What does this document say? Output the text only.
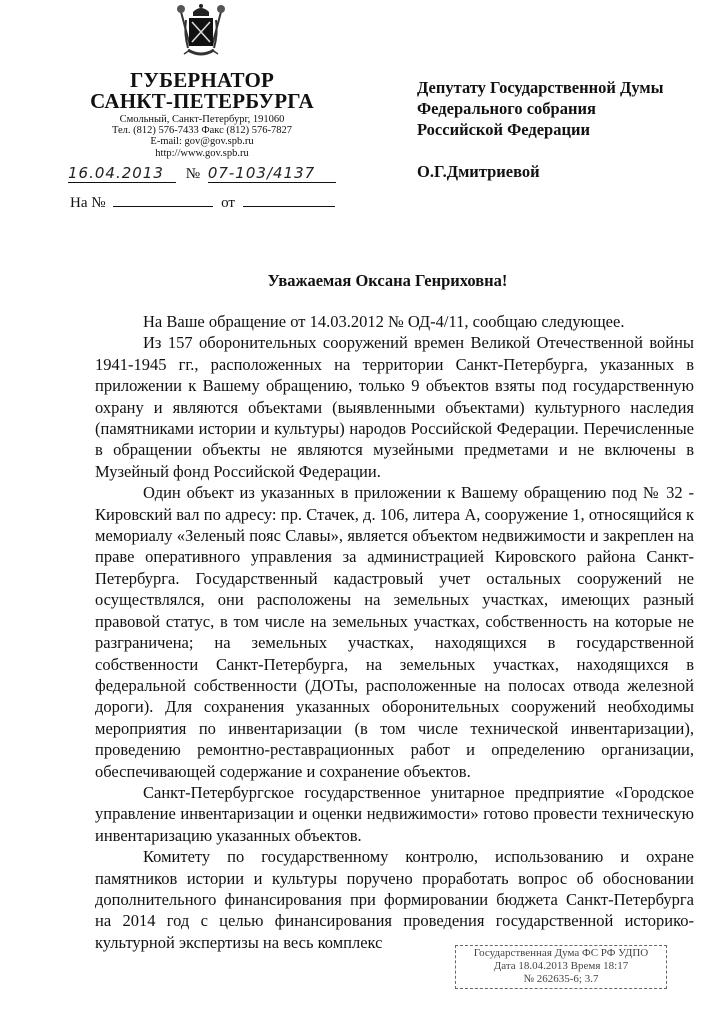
ГУБЕРНАТОР
САНКТ-ПЕТЕРБУРГА
Смольный, Санкт-Петербург, 191060
Тел. (812) 576-7433 Факс (812) 576-7827
E-mail: gov@gov.spb.ru
http://www.gov.spb.ru
16.04.2013 № 07-103/4137
На №	от
Депутату Государственной Думы
Федерального собрания
Российской Федерации
О.Г.Дмитриевой
Уважаемая Оксана Генриховна!

На Ваше обращение от 14.03.2012 № ОД-4/11, сообщаю следующее.

Из 157 оборонительных сооружений времен Великой Отечественной войны 1941-1945 гг., расположенных на территории Санкт-Петербурга, указанных в приложении к Вашему обращению, только 9 объектов взяты под государственную охрану и являются объектами (выявленными объектами) культурного наследия (памятниками истории и культуры) народов Российской Федерации. Перечисленные в обращении объекты не являются музейными предметами и не включены в Музейный фонд Российской Федерации.

Один объект из указанных в приложении к Вашему обращению под № 32 - Кировский вал по адресу: пр. Стачек, д. 106, литера А, сооружение 1, относящийся к мемориалу «Зеленый пояс Славы», является объектом недвижимости и закреплен на праве оперативного управления за администрацией Кировского района Санкт-Петербурга. Государственный кадастровый учет остальных сооружений не осуществлялся, они расположены на земельных участках, имеющих разный правовой статус, в том числе на земельных участках, собственность на которые не разграничена; на земельных участках, находящихся в государственной собственности Санкт-Петербурга, на земельных участках, находящихся в федеральной собственности (ДОТы, расположенные на полосах отвода железной дороги). Для сохранения указанных оборонительных сооружений необходимы мероприятия по инвентаризации (в том числе технической инвентаризации), проведению ремонтно-реставрационных работ и определению организации, обеспечивающей содержание и сохранение объектов.

Санкт-Петербургское государственное унитарное предприятие «Городское управление инвентаризации и оценки недвижимости» готово провести техническую инвентаризацию указанных объектов.

Комитету по государственному контролю, использованию и охране памятников истории и культуры поручено проработать вопрос об обосновании дополнительного финансирования при формировании бюджета Санкт-Петербурга на 2014 год с целью финансирования проведения государственной историко-культурной экспертизы на весь комплекс

Государственная Дума ФС РФ УДПО
Дата 18.04.2013 Время 18:17
№ 262635-6; 3.7
